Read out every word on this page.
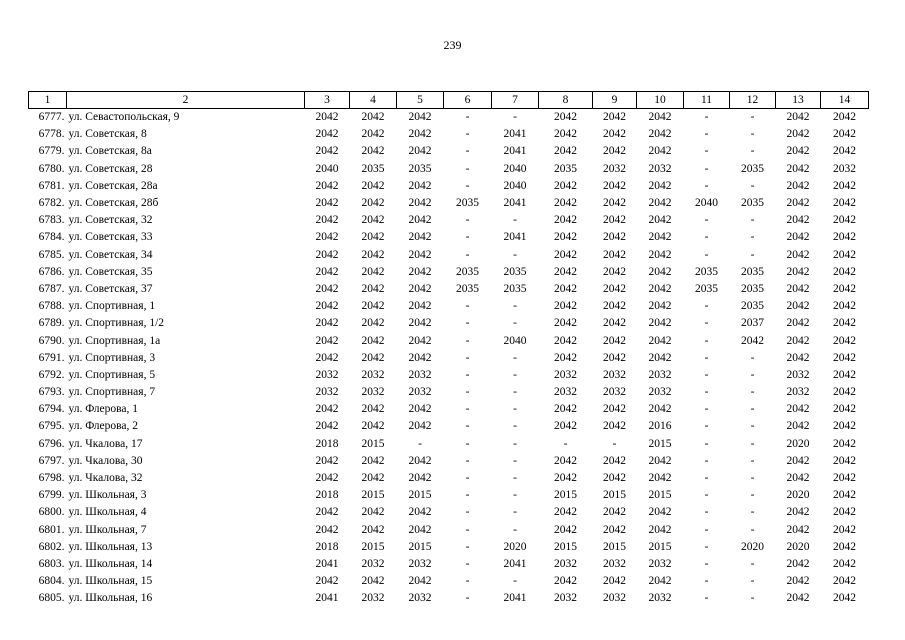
239
1	2	3	4	5	6	7	8	9	10	11	12	13	14
6777.	ул. Севастопольская, 9	2042	2042	2042	-	-	2042	2042	2042	-	-	2042	2042
6778.	ул. Советская, 8	2042	2042	2042	-	2041	2042	2042	2042	-	-	2042	2042
6779.	ул. Советская, 8а	2042	2042	2042	-	2041	2042	2042	2042	-	-	2042	2042
6780.	ул. Советская, 28	2040	2035	2035	-	2040	2035	2032	2032	-	2035	2042	2032
6781.	ул. Советская, 28а	2042	2042	2042	-	2040	2042	2042	2042	-	-	2042	2042
6782.	ул. Советская, 28б	2042	2042	2042	2035	2041	2042	2042	2042	2040	2035	2042	2042
6783.	ул. Советская, 32	2042	2042	2042	-	-	2042	2042	2042	-	-	2042	2042
6784.	ул. Советская, 33	2042	2042	2042	-	2041	2042	2042	2042	-	-	2042	2042
6785.	ул. Советская, 34	2042	2042	2042	-	-	2042	2042	2042	-	-	2042	2042
6786.	ул. Советская, 35	2042	2042	2042	2035	2035	2042	2042	2042	2035	2035	2042	2042
6787.	ул. Советская, 37	2042	2042	2042	2035	2035	2042	2042	2042	2035	2035	2042	2042
6788.	ул. Спортивная, 1	2042	2042	2042	-	-	2042	2042	2042	-	2035	2042	2042
6789.	ул. Спортивная, 1/2	2042	2042	2042	-	-	2042	2042	2042	-	2037	2042	2042
6790.	ул. Спортивная, 1а	2042	2042	2042	-	2040	2042	2042	2042	-	2042	2042	2042
6791.	ул. Спортивная, 3	2042	2042	2042	-	-	2042	2042	2042	-	-	2042	2042
6792.	ул. Спортивная, 5	2032	2032	2032	-	-	2032	2032	2032	-	-	2032	2042
6793.	ул. Спортивная, 7	2032	2032	2032	-	-	2032	2032	2032	-	-	2032	2042
6794.	ул. Флерова, 1	2042	2042	2042	-	-	2042	2042	2042	-	-	2042	2042
6795.	ул. Флерова, 2	2042	2042	2042	-	-	2042	2042	2016	-	-	2042	2042
6796.	ул. Чкалова, 17	2018	2015	-	-	-	-	-	2015	-	-	2020	2042
6797.	ул. Чкалова, 30	2042	2042	2042	-	-	2042	2042	2042	-	-	2042	2042
6798.	ул. Чкалова, 32	2042	2042	2042	-	-	2042	2042	2042	-	-	2042	2042
6799.	ул. Школьная, 3	2018	2015	2015	-	-	2015	2015	2015	-	-	2020	2042
6800.	ул. Школьная, 4	2042	2042	2042	-	-	2042	2042	2042	-	-	2042	2042
6801.	ул. Школьная, 7	2042	2042	2042	-	-	2042	2042	2042	-	-	2042	2042
6802.	ул. Школьная, 13	2018	2015	2015	-	2020	2015	2015	2015	-	2020	2020	2042
6803.	ул. Школьная, 14	2041	2032	2032	-	2041	2032	2032	2032	-	-	2042	2042
6804.	ул. Школьная, 15	2042	2042	2042	-	-	2042	2042	2042	-	-	2042	2042
6805.	ул. Школьная, 16	2041	2032	2032	-	2041	2032	2032	2032	-	-	2042	2042
